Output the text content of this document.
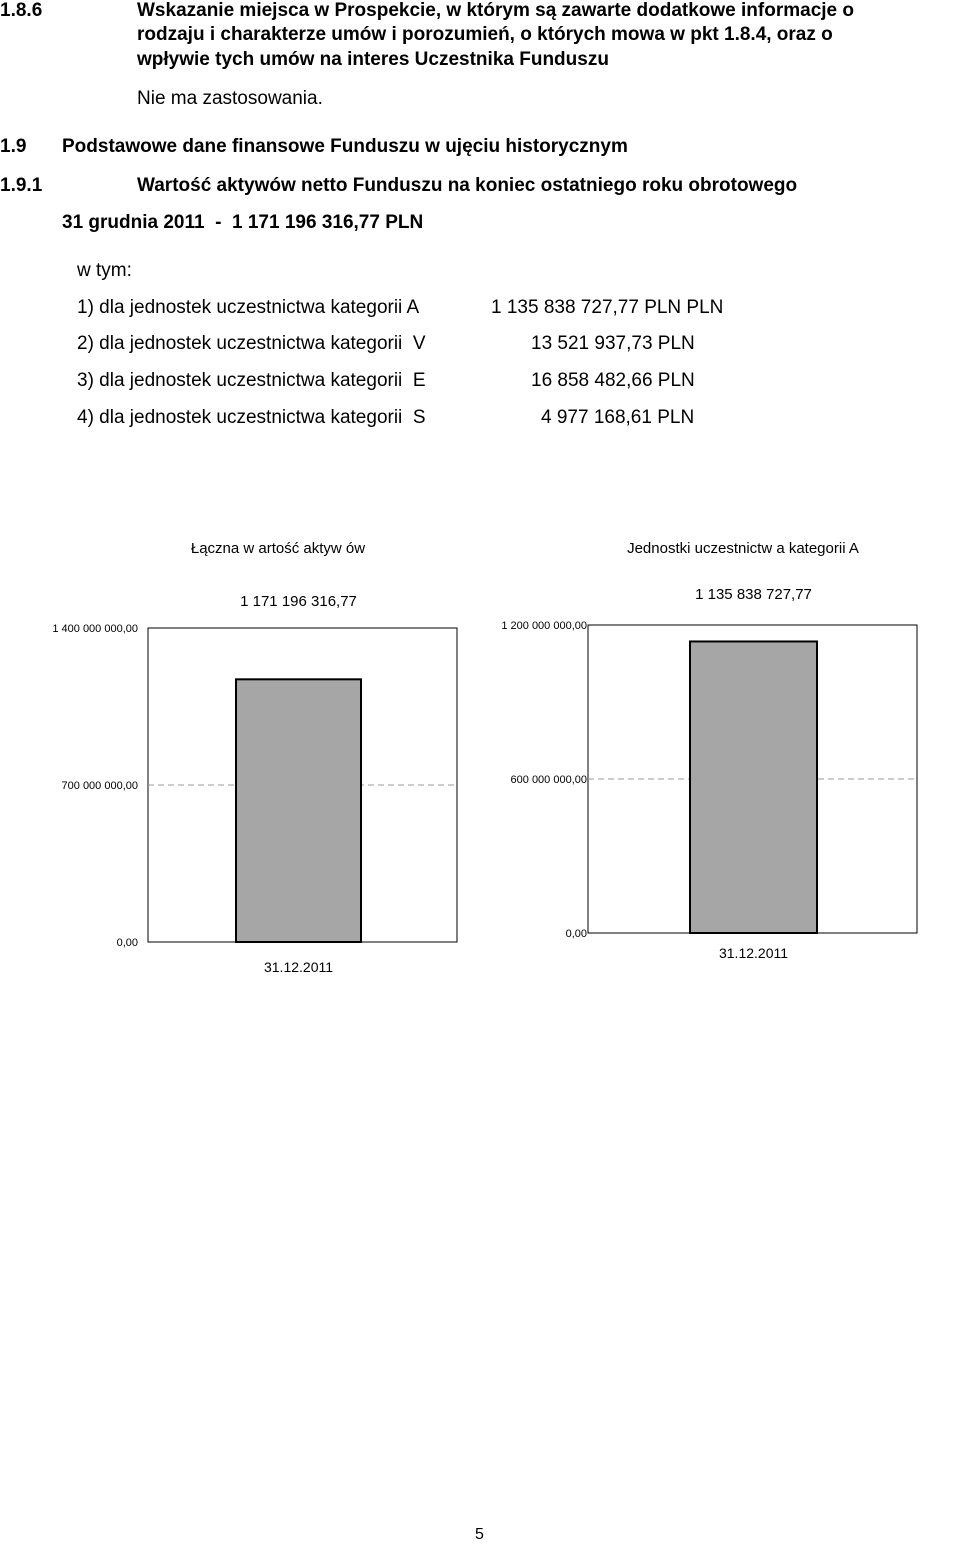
1.8.6	Wskazanie miejsca w Prospekcie, w którym są zawarte dodatkowe informacje o
rodzaju i charakterze umów i porozumień, o których mowa w pkt 1.8.4, oraz o
wpływie tych umów na interes Uczestnika Funduszu
Nie ma zastosowania.
1.9 Podstawowe dane finansowe Funduszu w ujęciu historycznym
1.9.1	Wartość aktywów netto Funduszu na koniec ostatniego roku obrotowego
31 grudnia 2011  -  1 171 196 316,77 PLN
w tym:
1) dla jednostek uczestnictwa kategorii A	1 135 838 727,77 PLN PLN
2) dla jednostek uczestnictwa kategorii  V	13 521 937,73 PLN
3) dla jednostek uczestnictwa kategorii  E	16 858 482,66 PLN
4) dla jednostek uczestnictwa kategorii  S	4 977 168,61 PLN
Łączna w artość aktyw ów
0,00
700 000 000,00
1 400 000 000,00
1 171 196 316,77
31.12.2011
Jednostki uczestnictw a kategorii A
0,00
600 000 000,00
1 200 000 000,00
1 135 838 727,77
31.12.2011
5
